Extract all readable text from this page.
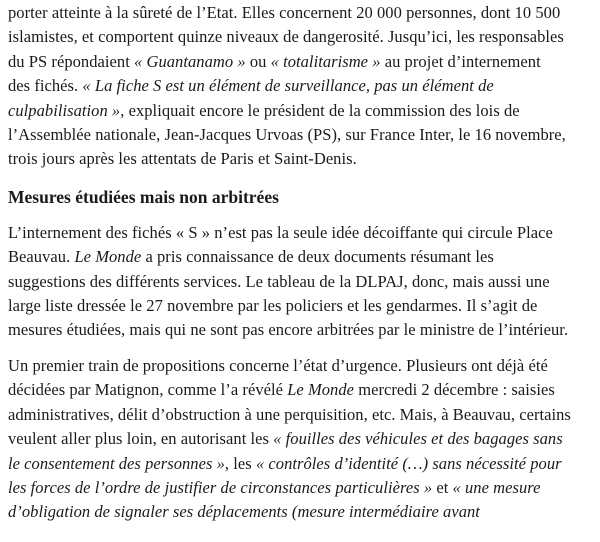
porter atteinte à la sûreté de l’Etat. Elles concernent 20 000 personnes, dont 10 500
islamistes, et comportent quinze niveaux de dangerosité. Jusqu’ici, les responsables
du PS répondaient « Guantanamo » ou « totalitarisme » au projet d’internement
des fichés. « La fiche S est un élément de surveillance, pas un élément de
culpabilisation », expliquait encore le président de la commission des lois de
l’Assemblée nationale, Jean-Jacques Urvoas (PS), sur France Inter, le 16 novembre,
trois jours après les attentats de Paris et Saint-Denis.

Mesures étudiées mais non arbitrées

L’internement des fichés « S » n’est pas la seule idée décoiffante qui circule Place
Beauvau. Le Monde a pris connaissance de deux documents résumant les
suggestions des différents services. Le tableau de la DLPAJ, donc, mais aussi une
large liste dressée le 27 novembre par les policiers et les gendarmes. Il s’agit de
mesures étudiées, mais qui ne sont pas encore arbitrées par le ministre de l’intérieur.

Un premier train de propositions concerne l’état d’urgence. Plusieurs ont déjà été
décidées par Matignon, comme l’a révélé Le Monde mercredi 2 décembre : saisies
administratives, délit d’obstruction à une perquisition, etc. Mais, à Beauvau, certains
veulent aller plus loin, en autorisant les « fouilles des véhicules et des bagages sans
le consentement des personnes », les « contrôles d’identité (…) sans nécessité pour
les forces de l’ordre de justifier de circonstances particulières » et « une mesure
d’obligation de signaler ses déplacements (mesure intermédiaire avant
